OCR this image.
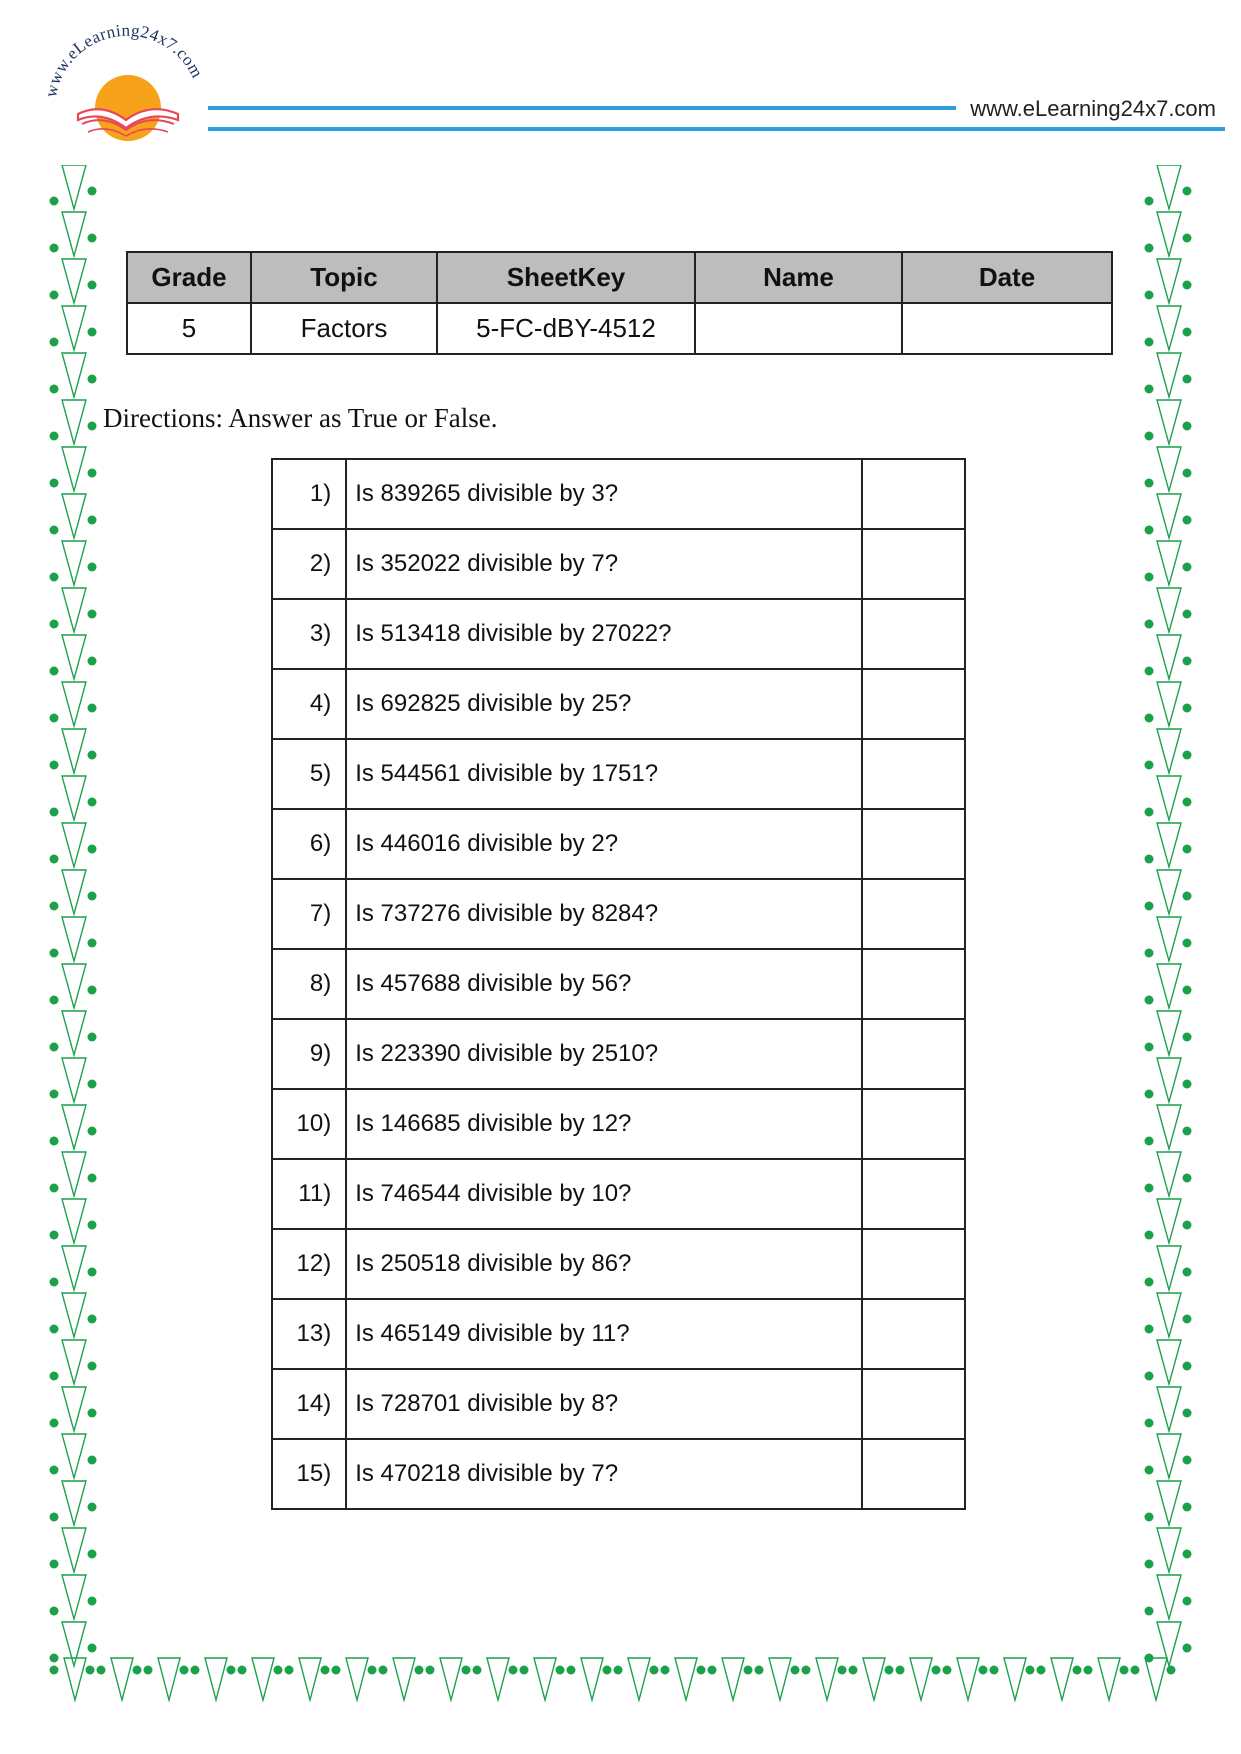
www.eLearning24x7.com
www.eLearning24x7.com
Grade	Topic	SheetKey	Name	Date
5	Factors	5-FC-dBY-4512		
Directions: Answer as True or False.
1)	Is 839265 divisible by 3?	
2)	Is 352022 divisible by 7?	
3)	Is 513418 divisible by 27022?	
4)	Is 692825 divisible by 25?	
5)	Is 544561 divisible by 1751?	
6)	Is 446016 divisible by 2?	
7)	Is 737276 divisible by 8284?	
8)	Is 457688 divisible by 56?	
9)	Is 223390 divisible by 2510?	
10)	Is 146685 divisible by 12?	
11)	Is 746544 divisible by 10?	
12)	Is 250518 divisible by 86?	
13)	Is 465149 divisible by 11?	
14)	Is 728701 divisible by 8?	
15)	Is 470218 divisible by 7?	
